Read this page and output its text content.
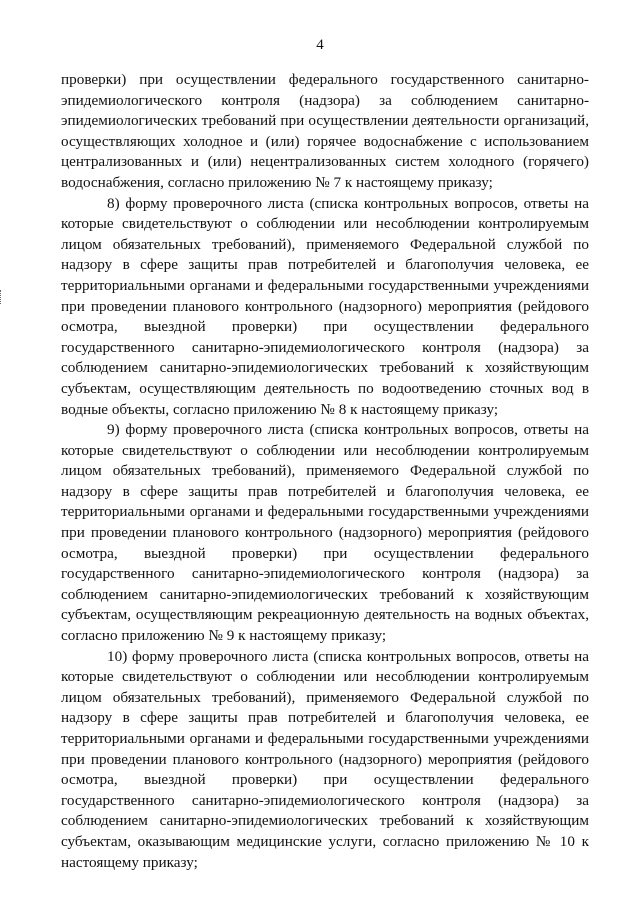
4

проверки) при осуществлении федерального государственного санитарно-эпидемиологического контроля (надзора) за соблюдением санитарно-эпидемиологических требований при осуществлении деятельности организаций, осуществляющих холодное и (или) горячее водоснабжение с использованием централизованных и (или) нецентрализованных систем холодного (горячего) водоснабжения, согласно приложению № 7 к настоящему приказу;

8) форму проверочного листа (списка контрольных вопросов, ответы на которые свидетельствуют о соблюдении или несоблюдении контролируемым лицом обязательных требований), применяемого Федеральной службой по надзору в сфере защиты прав потребителей и благополучия человека, ее территориальными органами и федеральными государственными учреждениями при проведении планового контрольного (надзорного) мероприятия (рейдового осмотра, выездной проверки) при осуществлении федерального государственного санитарно-эпидемиологического контроля (надзора) за соблюдением санитарно-эпидемиологических требований к хозяйствующим субъектам, осуществляющим деятельность по водоотведению сточных вод в водные объекты, согласно приложению № 8 к настоящему приказу;

9) форму проверочного листа (списка контрольных вопросов, ответы на которые свидетельствуют о соблюдении или несоблюдении контролируемым лицом обязательных требований), применяемого Федеральной службой по надзору в сфере защиты прав потребителей и благополучия человека, ее территориальными органами и федеральными государственными учреждениями при проведении планового контрольного (надзорного) мероприятия (рейдового осмотра, выездной проверки) при осуществлении федерального государственного санитарно-эпидемиологического контроля (надзора) за соблюдением санитарно-эпидемиологических требований к хозяйствующим субъектам, осуществляющим рекреационную деятельность на водных объектах, согласно приложению № 9 к настоящему приказу;

10) форму проверочного листа (списка контрольных вопросов, ответы на которые свидетельствуют о соблюдении или несоблюдении контролируемым лицом обязательных требований), применяемого Федеральной службой по надзору в сфере защиты прав потребителей и благополучия человека, ее территориальными органами и федеральными государственными учреждениями при проведении планового контрольного (надзорного) мероприятия (рейдового осмотра, выездной проверки) при осуществлении федерального государственного санитарно-эпидемиологического контроля (надзора) за соблюдением санитарно-эпидемиологических требований к хозяйствующим субъектам, оказывающим медицинские услуги, согласно приложению № 10 к настоящему приказу;
